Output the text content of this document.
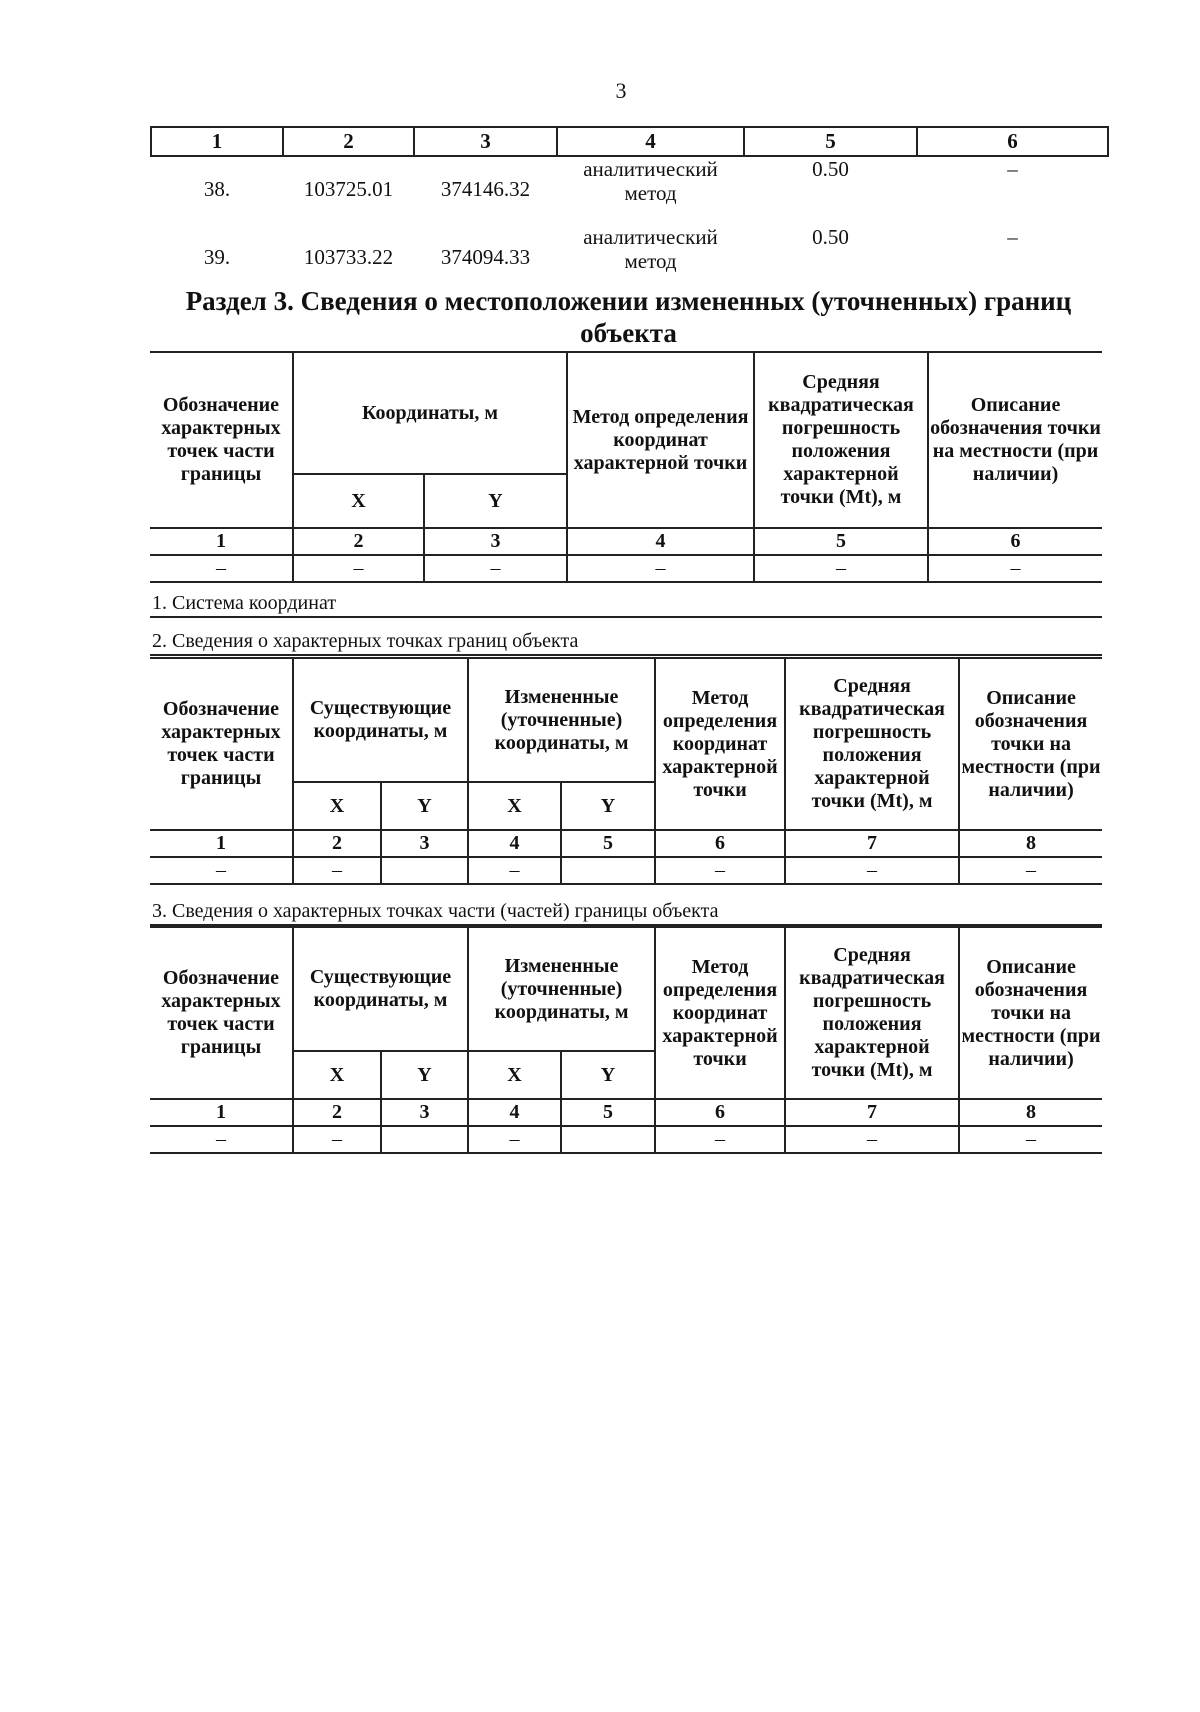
3
1	2	3	4	5	6
38.	103725.01	374146.32	аналитический метод	0.50	–
39.	103733.22	374094.33	аналитический метод	0.50	–
Раздел 3. Сведения о местоположении измененных (уточненных) границ объекта
Обозначение характерных точек части границы	Координаты, м		Метод определения координат характерной точки	Средняя квадратическая погрешность положения характерной точки (Mt), м	Описание обозначения точки на местности (при наличии)
	X	Y			
1	2	3	4	5	6
–	–	–	–	–	–
1. Система координат
2. Сведения о характерных точках границ объекта
Обозначение характерных точек части границы	Существующие координаты, м		Измененные (уточненные) координаты, м		Метод определения координат характерной точки	Средняя квадратическая погрешность положения характерной точки (Mt), м	Описание обозначения точки на местности (при наличии)
	X	Y	X	Y			
1	2	3	4	5	6	7	8
–	–		–		–	–	–
3. Сведения о характерных точках части (частей) границы объекта
Обозначение характерных точек части границы	Существующие координаты, м		Измененные (уточненные) координаты, м		Метод определения координат характерной точки	Средняя квадратическая погрешность положения характерной точки (Mt), м	Описание обозначения точки на местности (при наличии)
	X	Y	X	Y			
1	2	3	4	5	6	7	8
–	–		–		–	–	–
